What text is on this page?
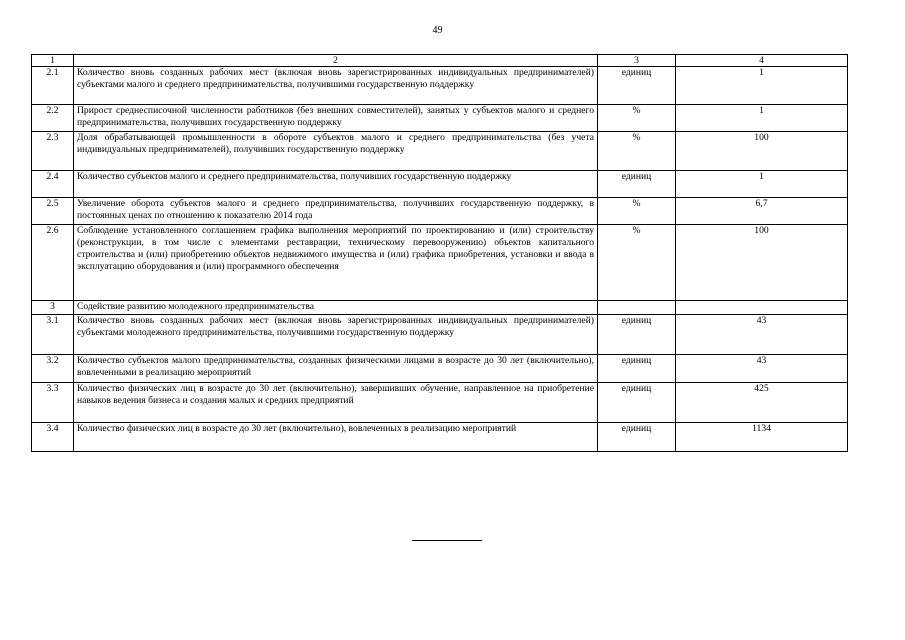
49
1	2	3	4
2.1	Количество вновь созданных рабочих мест (включая вновь зарегистрированных индивидуальных предпринимателей) субъектами малого и среднего предпринимательства, получившими государственную поддержку	единиц	1
2.2	Прирост среднесписочной численности работников (без внешних совместителей), занятых у субъектов малого и среднего предпринимательства, получивших государственную поддержку	%	1
2.3	Доля обрабатывающей промышленности в обороте субъектов малого и среднего предпринимательства (без учета индивидуальных предпринимателей), получивших государственную поддержку	%	100
2.4	Количество субъектов малого и среднего предпринимательства, получивших государственную поддержку	единиц	1
2.5	Увеличение оборота субъектов малого и среднего предпринимательства, получивших государственную поддержку, в постоянных ценах по отношению к показателю 2014 года	%	6,7
2.6	Соблюдение установленного соглашением графика выполнения мероприятий по проектированию и (или) строительству (реконструкции, в том числе с элементами реставрации, техническому перевооружению) объектов капитального строительства и (или) приобретению объектов недвижимого имущества и (или) графика приобретения, установки и ввода в эксплуатацию оборудования и (или) программного обеспечения	%	100
3	Содействие развитию молодежного предпринимательства		
3.1	Количество вновь созданных рабочих мест (включая вновь зарегистрированных индивидуальных предпринимателей) субъектами молодежного предпринимательства, получившими государственную поддержку	единиц	43
3.2	Количество субъектов малого предпринимательства, созданных физическими лицами в возрасте до 30 лет (включительно), вовлеченными в реализацию мероприятий	единиц	43
3.3	Количество физических лиц в возрасте до 30 лет (включительно), завершивших обучение, направленное на приобретение навыков ведения бизнеса и создания малых и средних предприятий	единиц	425
3.4	Количество физических лиц в возрасте до 30 лет (включительно), вовлеченных в реализацию мероприятий	единиц	1134
